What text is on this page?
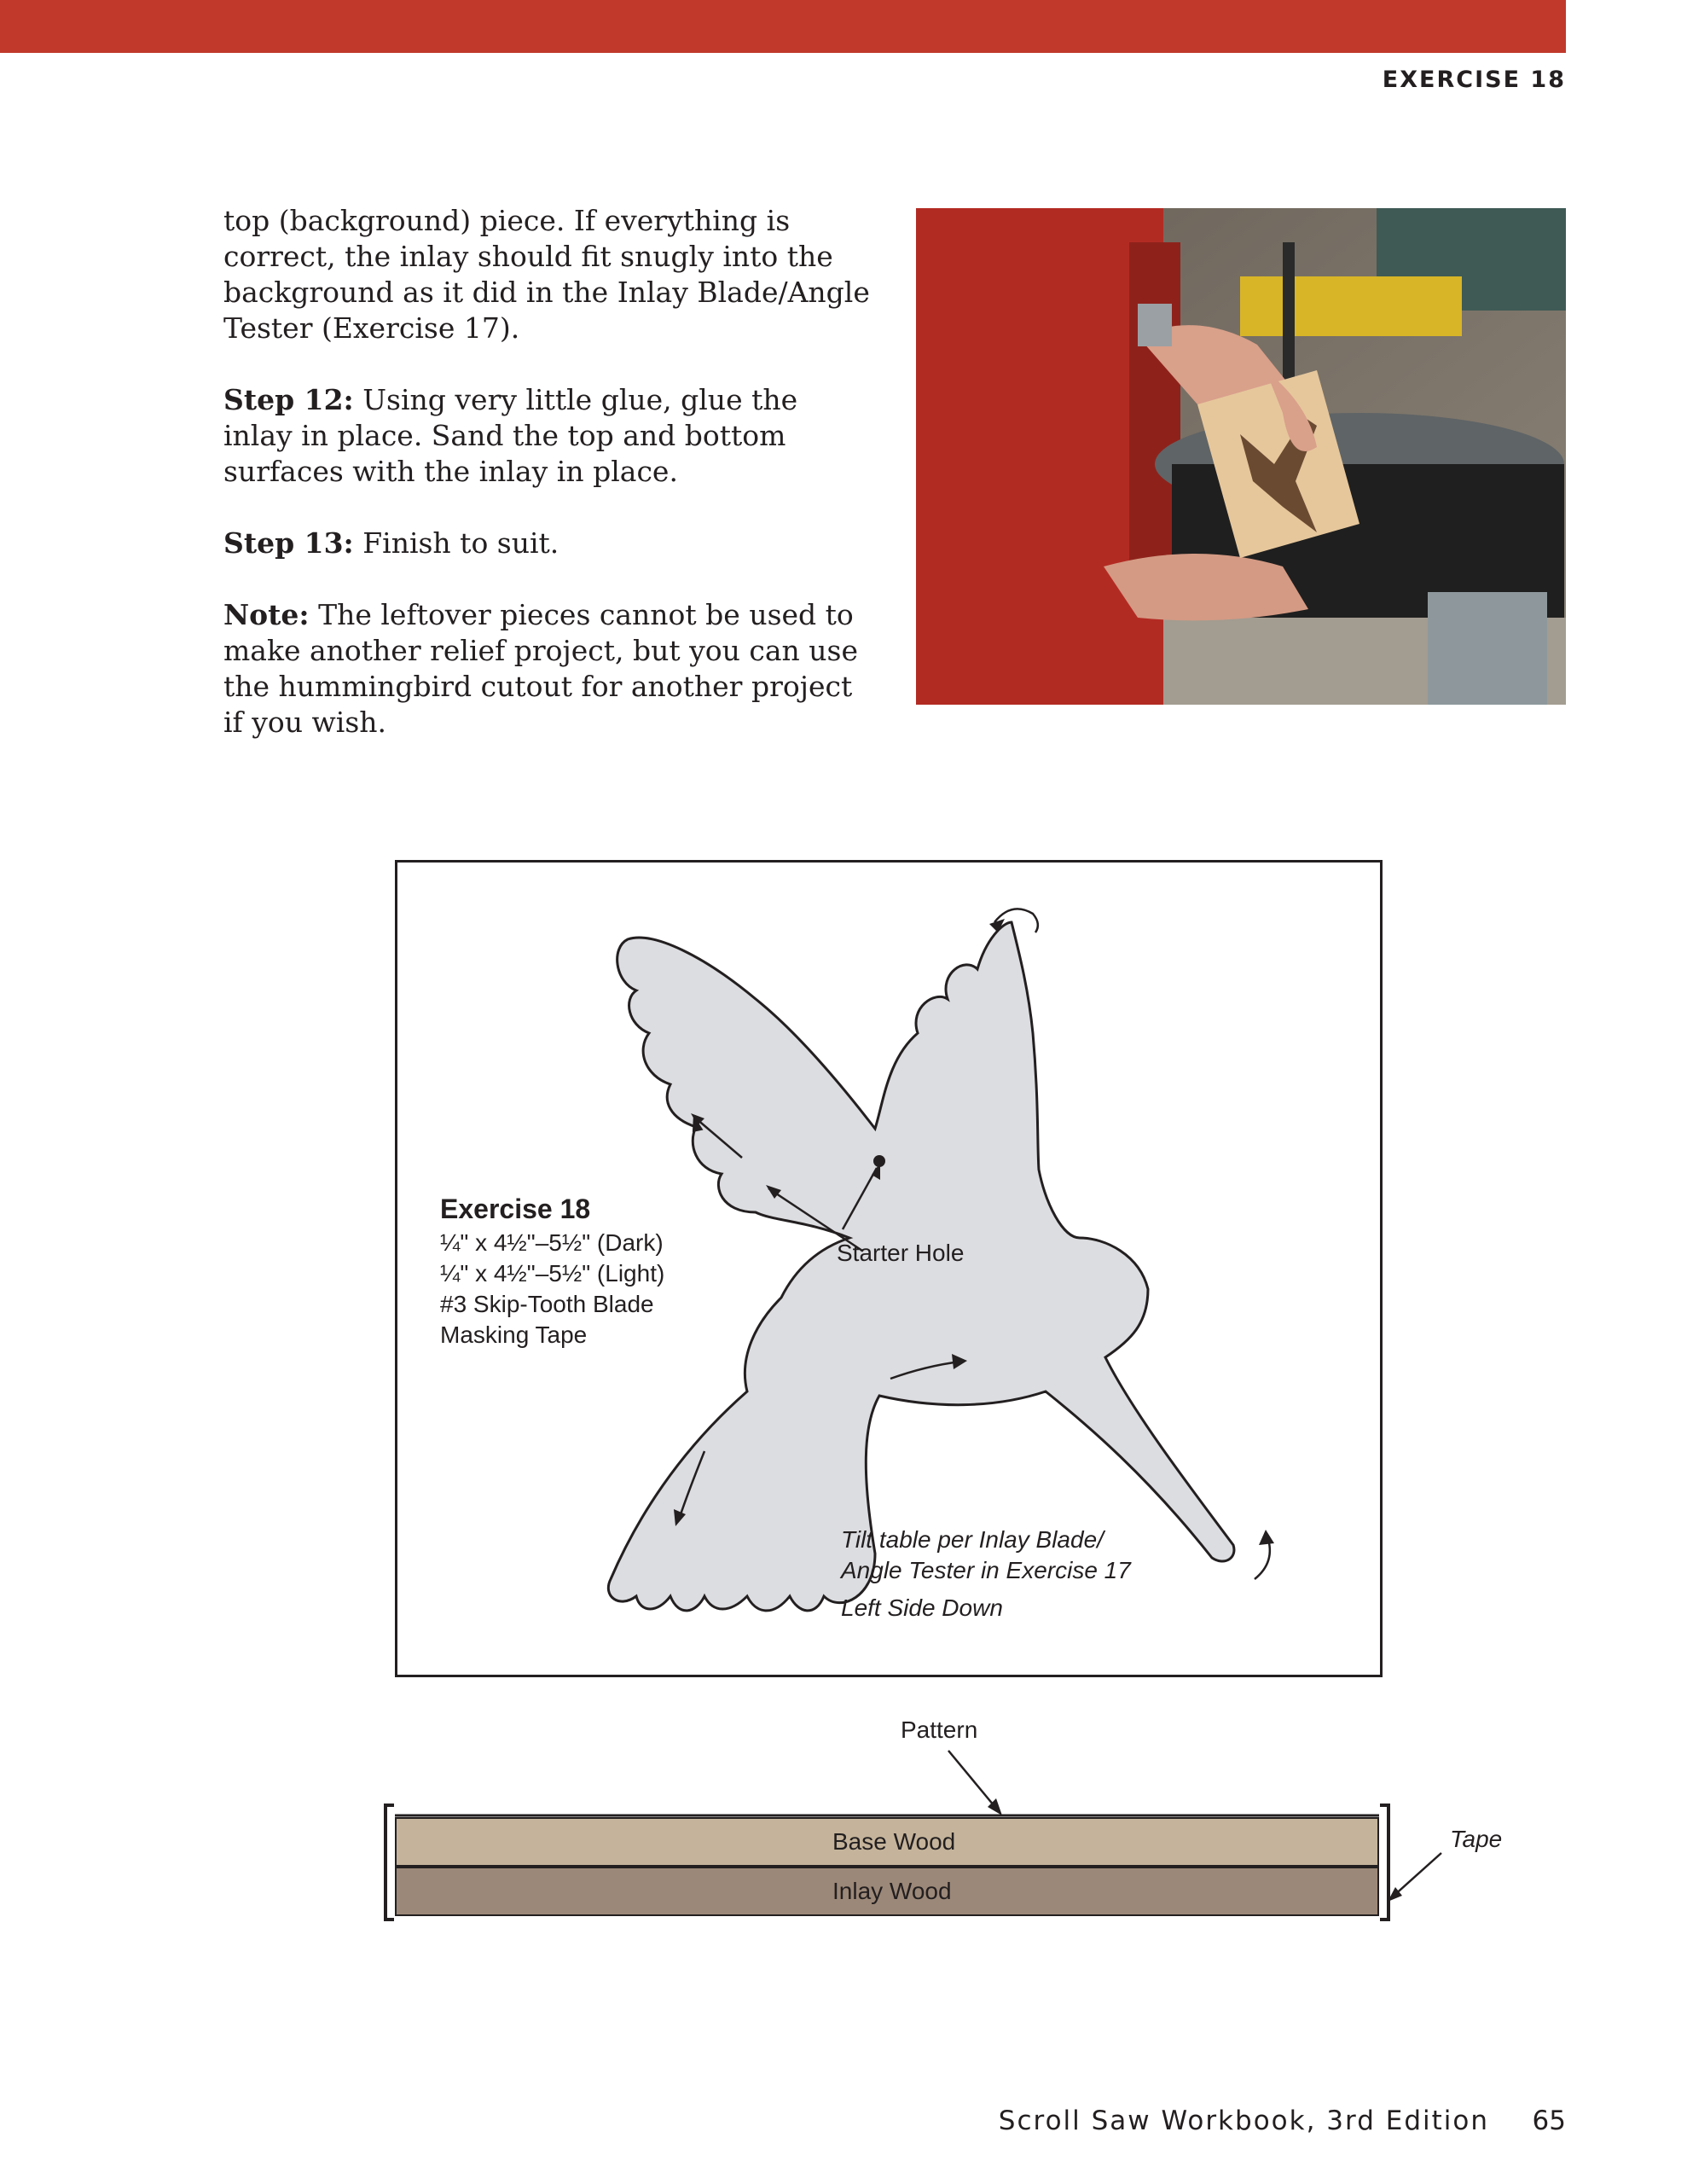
EXERCISE 18

top (background) piece. If everything is correct, the inlay should fit snugly into the background as it did in the Inlay Blade/Angle Tester (Exercise 17).

Step 12: Using very little glue, glue the inlay in place. Sand the top and bottom surfaces with the inlay in place.

Step 13: Finish to suit.

Note: The leftover pieces cannot be used to make another relief project, but you can use the hummingbird cutout for another project if you wish.

Exercise 18
¼" x 4½"–5½" (Dark)
¼" x 4½"–5½" (Light)
#3 Skip-Tooth Blade
Masking Tape
Starter Hole
Tilt table per Inlay Blade/
Angle Tester in Exercise 17
Left Side Down
Base Wood
Inlay Wood
Pattern
Tape
Scroll Saw Workbook, 3rd Edition 65
